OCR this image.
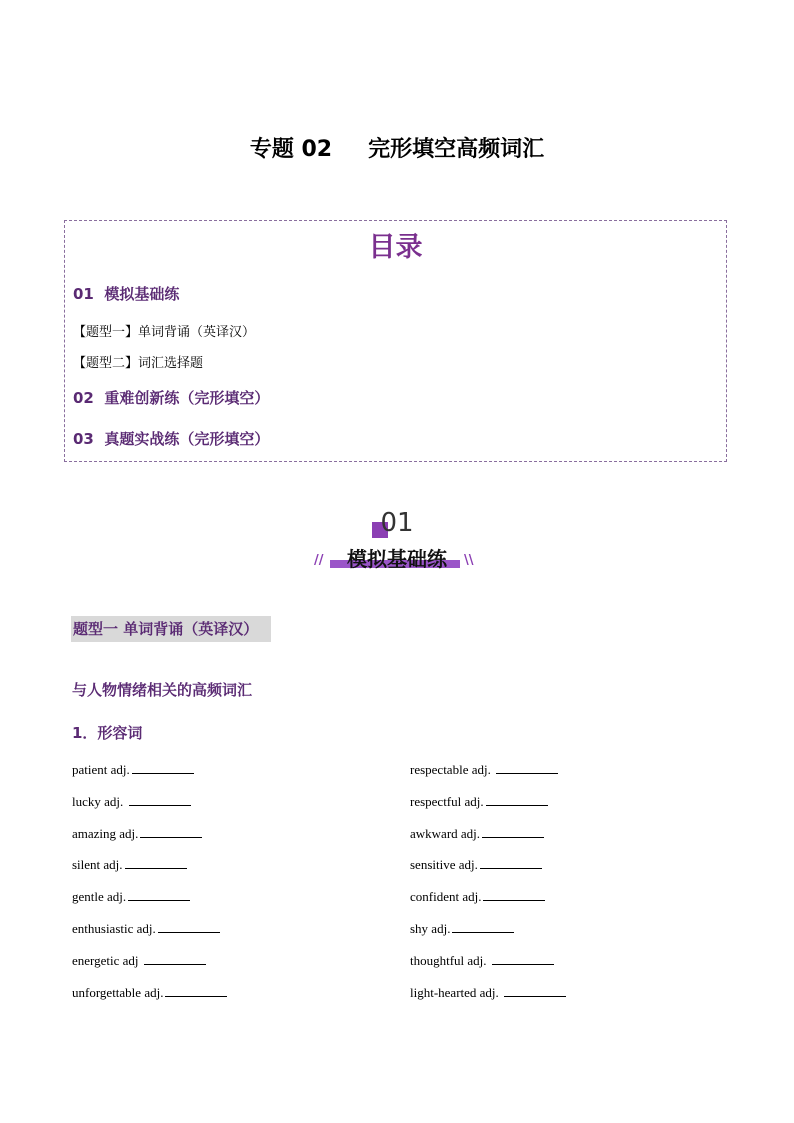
专题 02 完形填空高频词汇
目录
01 模拟基础练
【题型一】单词背诵（英译汉）
【题型二】词汇选择题
02 重难创新练（完形填空）
03 真题实战练（完形填空）
01
//	模拟基础练	\\
题型一 单词背诵（英译汉）
与人物情绪相关的高频词汇
1．形容词
patient adj.
lucky adj.
amazing adj.
silent adj.
gentle adj.
enthusiastic adj.
energetic adj
unforgettable adj.
respectable adj.
respectful adj.
awkward adj.
sensitive adj.
confident adj.
shy adj.
thoughtful adj.
light-hearted adj.
